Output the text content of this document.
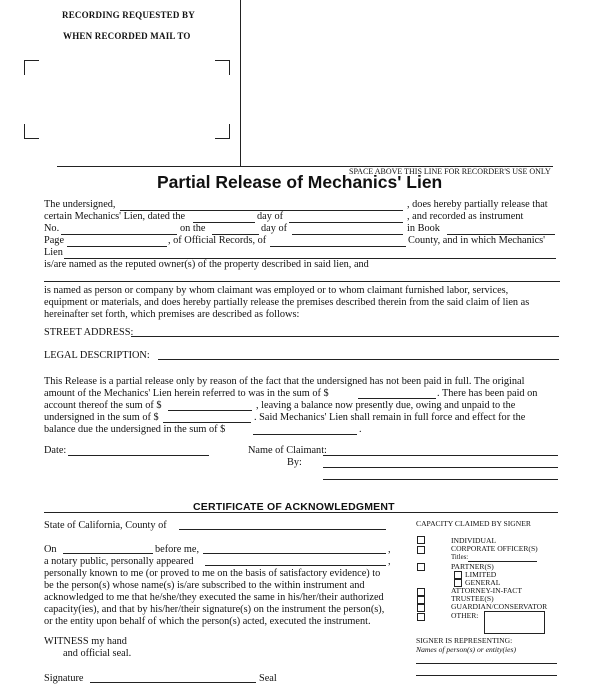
RECORDING REQUESTED BY
WHEN RECORDED MAIL TO
SPACE ABOVE THIS LINE FOR RECORDER'S USE ONLY
Partial Release of Mechanics' Lien
The undersigned,	, does hereby partially release that
certain Mechanics' Lien, dated the	day of	, and recorded as instrument
No.	on the	day of	in Book
Page	, of Official Records, of	County, and in which Mechanics'
Lien
is/are named as the reputed owner(s) of the property described in said lien, and
is named as person or company by whom claimant was employed or to whom claimant furnished labor, services,
equipment or materials, and does hereby partially release the premises described therein from the said claim of lien as
hereinafter set forth, which premises are described as follows:
STREET ADDRESS:
LEGAL DESCRIPTION:
This Release is a partial release only by reason of the fact that the undersigned has not been paid in full. The original
amount of the Mechanics' Lien herein referred to was in the sum of $
account thereof the sum of $	, leaving a balance now presently due, owing and unpaid to the
. There has been paid on
undersigned in the sum of $	. Said Mechanics' Lien shall remain in full force and effect for the
balance due the undersigned in the sum of $	.
Date:	Name of Claimant:
By:
CERTIFICATE OF ACKNOWLEDGMENT
State of California, County of
On	before me,	,
a notary public, personally appeared	,
personally known to me (or proved to me on the basis of satisfactory evidence) to
be the person(s) whose name(s) is/are subscribed to the within instrument and
acknowledged to me that he/she/they executed the same in his/her/their authorized
capacity(ies), and that by his/her/their signature(s) on the instrument the person(s),
or the entity upon behalf of which the person(s) acted, executed the instrument.
WITNESS my hand
and official seal.
Signature	Seal
CAPACITY CLAIMED BY SIGNER
INDIVIDUAL
CORPORATE OFFICER(S)
Titles:
PARTNER(S)
LIMITED
GENERAL
ATTORNEY-IN-FACT
TRUSTEE(S)
GUARDIAN/CONSERVATOR
OTHER:
SIGNER IS REPRESENTING:
Names of person(s) or entity(ies)
